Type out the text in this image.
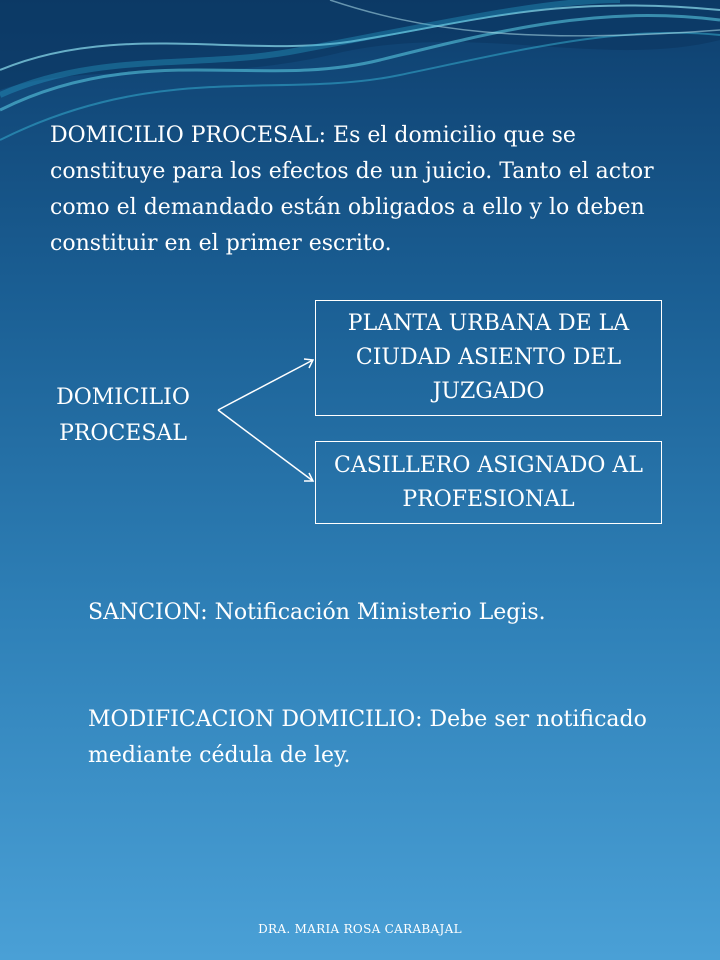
DOMICILIO PROCESAL: Es el domicilio que se constituye para los efectos de un juicio. Tanto el actor como el demandado están obligados a ello y lo deben constituir en el primer escrito.
DOMICILIO
PROCESAL
PLANTA URBANA DE LA CIUDAD ASIENTO DEL JUZGADO
CASILLERO ASIGNADO AL PROFESIONAL
SANCION: Notificación Ministerio Legis.
MODIFICACION DOMICILIO: Debe ser notificado mediante cédula de ley.
DRA. MARIA ROSA CARABAJAL
